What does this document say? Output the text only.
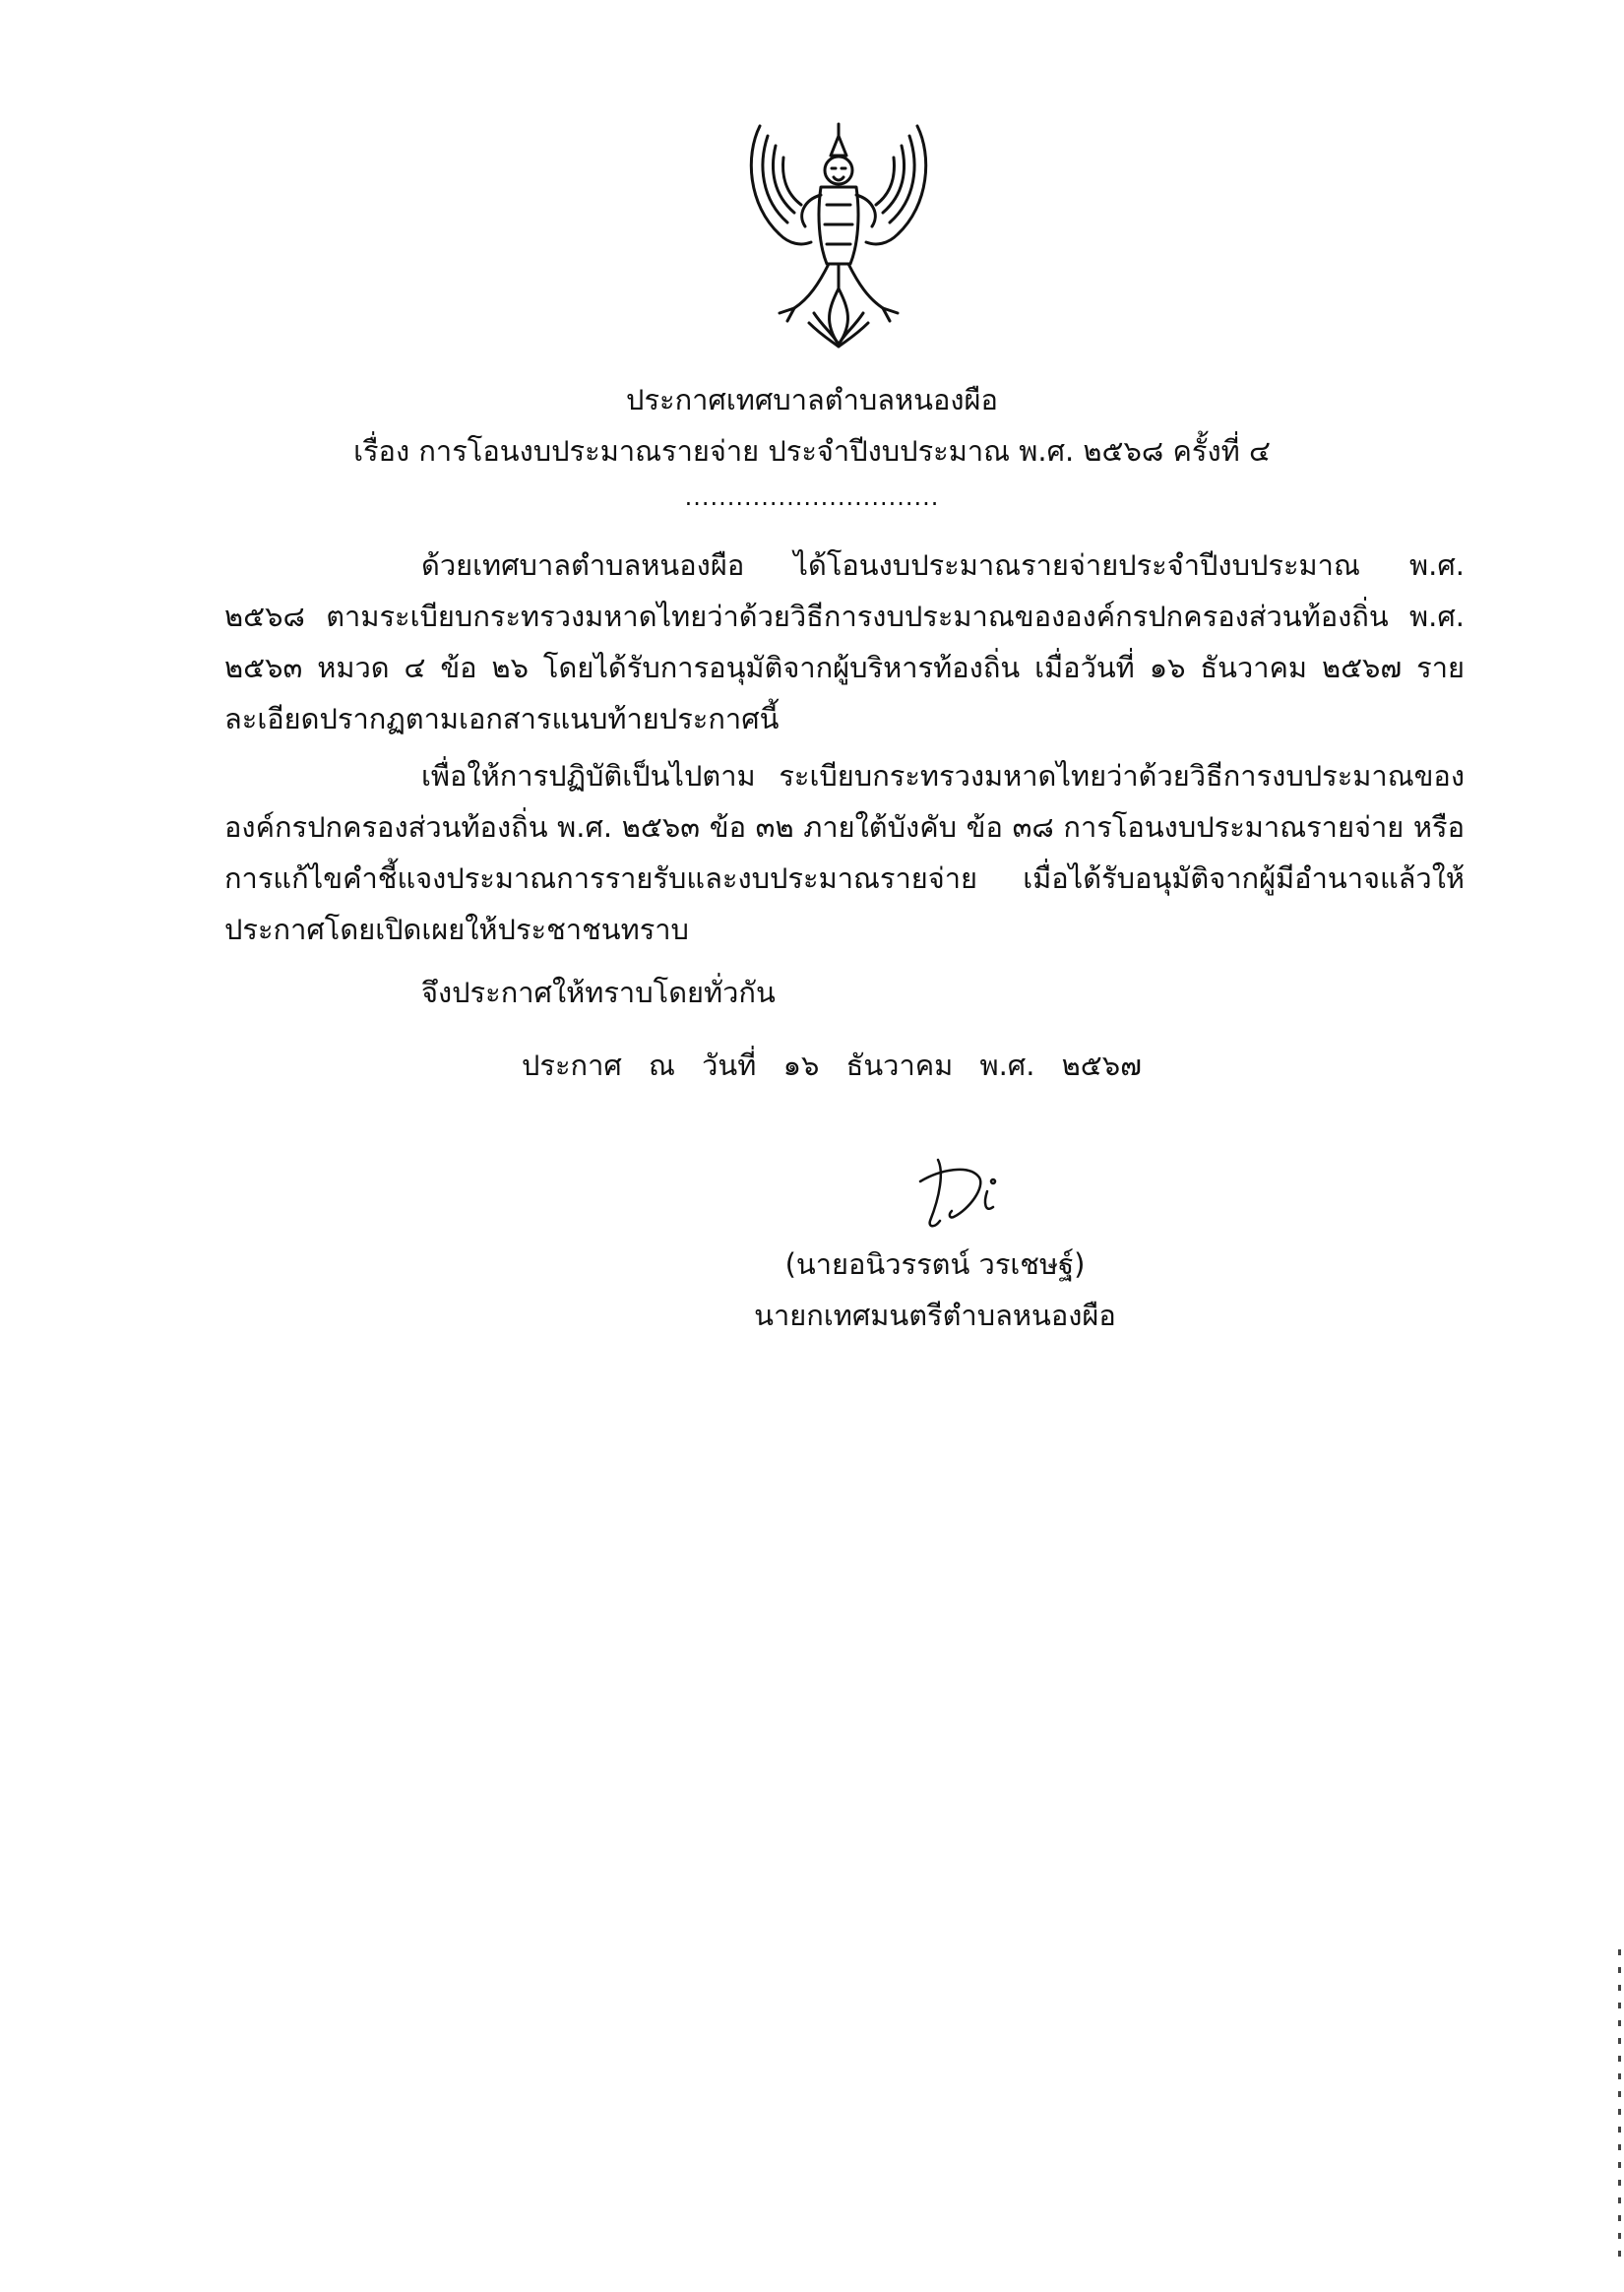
ประกาศเทศบาลตำบลหนองผือ
เรื่อง การโอนงบประมาณรายจ่าย ประจำปีงบประมาณ พ.ศ. ๒๕๖๘ ครั้งที่ ๔
..............................
ด้วยเทศบาลตำบลหนองผือ ได้โอนงบประมาณรายจ่ายประจำปีงบประมาณ พ.ศ. ๒๕๖๘ ตามระเบียบกระทรวงมหาดไทยว่าด้วยวิธีการงบประมาณขององค์กรปกครองส่วนท้องถิ่น พ.ศ. ๒๕๖๓ หมวด ๔ ข้อ ๒๖ โดยได้รับการอนุมัติจากผู้บริหารท้องถิ่น เมื่อวันที่ ๑๖ ธันวาคม ๒๕๖๗ รายละเอียดปรากฏตามเอกสารแนบท้ายประกาศนี้
เพื่อให้การปฏิบัติเป็นไปตาม ระเบียบกระทรวงมหาดไทยว่าด้วยวิธีการงบประมาณขององค์กรปกครองส่วนท้องถิ่น พ.ศ. ๒๕๖๓ ข้อ ๓๒ ภายใต้บังคับ ข้อ ๓๘ การโอนงบประมาณรายจ่าย หรือการแก้ไขคำชี้แจงประมาณการรายรับและงบประมาณรายจ่าย เมื่อได้รับอนุมัติจากผู้มีอำนาจแล้วให้ประกาศโดยเปิดเผยให้ประชาชนทราบ
จึงประกาศให้ทราบโดยทั่วกัน
ประกาศ ณ วันที่ ๑๖ ธันวาคม พ.ศ. ๒๕๖๗
(นายอนิวรรตน์ วรเชษฐ์)
นายกเทศมนตรีตำบลหนองผือ
